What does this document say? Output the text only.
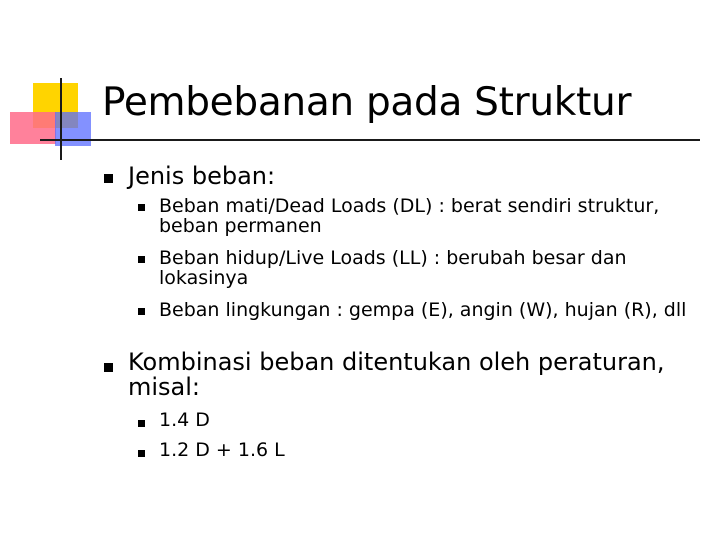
Pembebanan pada Struktur
Jenis beban:
Beban mati/Dead Loads (DL) : berat sendiri struktur, beban permanen
Beban hidup/Live Loads (LL) : berubah besar dan lokasinya
Beban lingkungan : gempa (E), angin (W), hujan (R), dll
Kombinasi beban ditentukan oleh peraturan, misal:
1.4 D
1.2 D + 1.6 L
